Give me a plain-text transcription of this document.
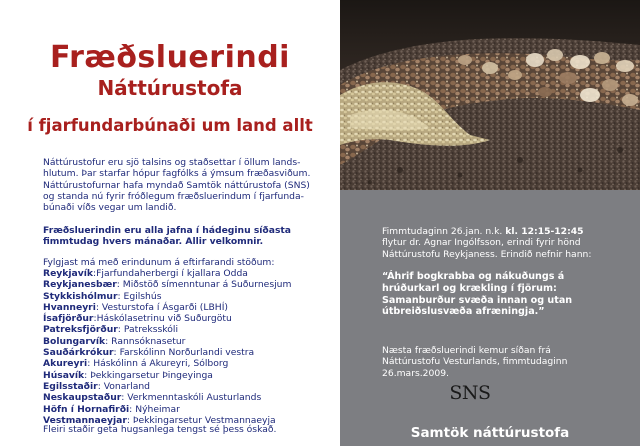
Fræðsluerindi
Náttúrustofa
í fjarfundarbúnaði um land allt
Náttúrustofur eru sjö talsins og staðsettar í öllum lands-
hlutum. Þar starfar hópur fagfólks á ýmsum fræðasviðum.
Náttúrustofurnar hafa myndað Samtök náttúrustofa (SNS)
og standa nú fyrir fróðlegum fræðsluerindum í fjarfunda-
búnaði víðs vegar um landið.
Fræðsluerindin eru alla jafna í hádeginu síðasta
fimmtudag hvers mánaðar. Allir velkomnir.
Fylgjast má með erindunum á eftirfarandi stöðum:
Reykjavík:Fjarfundaherbergi í kjallara Odda
Reykjanesbær: Miðstöð símenntunar á Suðurnesjum
Stykkishólmur: Egilshús
Hvanneyri: Vesturstofa í Ásgarði (LBHÍ)
Ísafjörður:Háskólasetrinu við Suðurgötu
Patreksfjörður: Patreksskóli
Bolungarvík: Rannsóknasetur
Sauðárkrókur: Farskólinn Norðurlandi vestra
Akureyri: Háskólinn á Akureyri, Sólborg
Húsavík: Þekkingarsetur Þingeyinga
Egilsstaðir: Vonarland
Neskaupstaður: Verkmenntaskóli Austurlands
Höfn í Hornafirði: Nýheimar
Vestmannaeyjar: Þekkingarsetur Vestmannaeyja
Fleiri staðir geta hugsanlega tengst sé þess óskað.
Fimmtudaginn 26.jan. n.k. kl. 12:15-12:45
flytur dr. Agnar Ingólfsson, erindi fyrir hönd
Náttúrustofu Reykjaness. Erindið nefnir hann:
“Áhrif bogkrabba og nákuðungs á
hrúðurkarl og krækling í fjörum:
Samanburður svæða innan og utan
útbreiðslusvæða afræningja.”
Næsta fræðsluerindi kemur síðan frá
Náttúrustofu Vesturlands, fimmtudaginn
26.mars.2009.
SNS
Samtök náttúrustofa
